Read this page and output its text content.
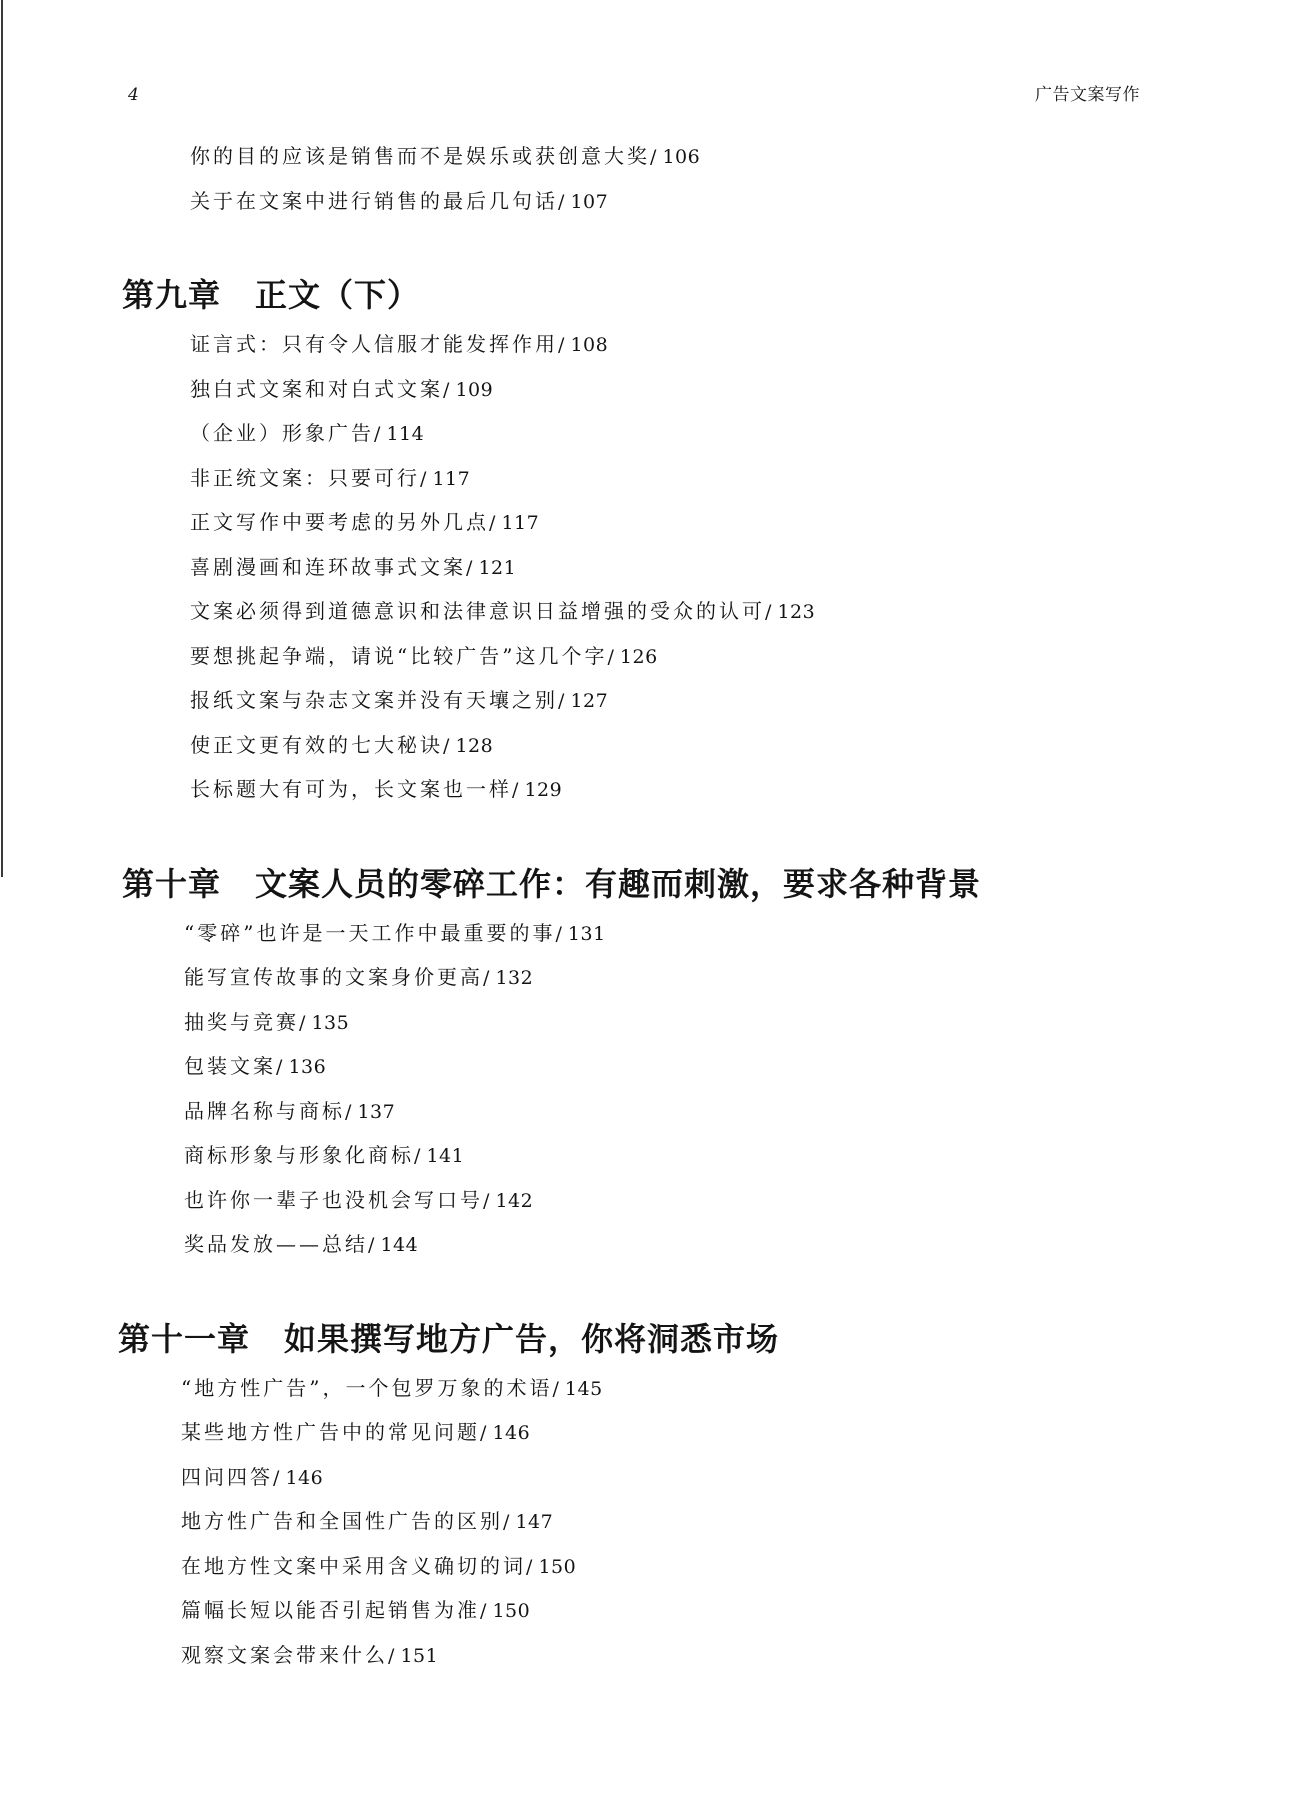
4	广告文案写作
你的目的应该是销售而不是娱乐或获创意大奖/ 106
关于在文案中进行销售的最后几句话/ 107
第九章 正文（下）
证言式：只有令人信服才能发挥作用/ 108
独白式文案和对白式文案/ 109
（企业）形象广告/ 114
非正统文案：只要可行/ 117
正文写作中要考虑的另外几点/ 117
喜剧漫画和连环故事式文案/ 121
文案必须得到道德意识和法律意识日益增强的受众的认可/ 123
要想挑起争端，请说“比较广告”这几个字/ 126
报纸文案与杂志文案并没有天壤之别/ 127
使正文更有效的七大秘诀/ 128
长标题大有可为，长文案也一样/ 129
第十章 文案人员的零碎工作：有趣而刺激，要求各种背景
“零碎”也许是一天工作中最重要的事/ 131
能写宣传故事的文案身价更高/ 132
抽奖与竞赛/ 135
包装文案/ 136
品牌名称与商标/ 137
商标形象与形象化商标/ 141
也许你一辈子也没机会写口号/ 142
奖品发放——总结/ 144
第十一章 如果撰写地方广告，你将洞悉市场
“地方性广告”，一个包罗万象的术语/ 145
某些地方性广告中的常见问题/ 146
四问四答/ 146
地方性广告和全国性广告的区别/ 147
在地方性文案中采用含义确切的词/ 150
篇幅长短以能否引起销售为准/ 150
观察文案会带来什么/ 151
